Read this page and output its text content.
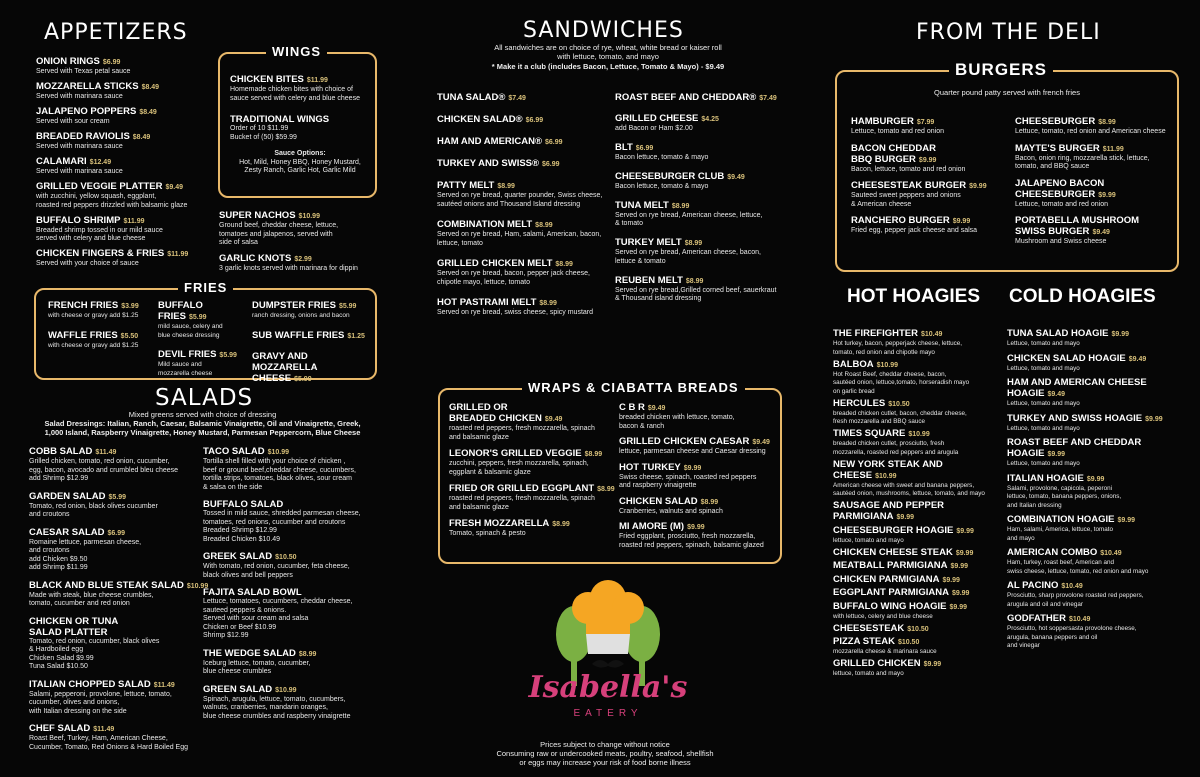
APPETIZERS
ONION RINGS $6.99
Served with Texas petal sauce
MOZZARELLA STICKS $8.49
Served with marinara sauce
JALAPENO POPPERS $8.49
Served with sour cream
BREADED RAVIOLIS $8.49
Served with marinara sauce
CALAMARI $12.49
Served with marinara sauce
GRILLED VEGGIE PLATTER $9.49
with zucchini, yellow squash, eggplant,
roasted red peppers drizzled with balsamic glaze
BUFFALO SHRIMP $11.99
Breaded shrimp tossed in our mild sauce
served with celery and blue cheese
CHICKEN FINGERS & FRIES $11.99
Served with your choice of sauce
SUPER NACHOS $10.99
Ground beef, cheddar cheese, lettuce,
tomatoes and jalapenos, served with
side of salsa
GARLIC KNOTS $2.99
3 garlic knots served with marinara for dippin
WINGS
CHICKEN BITES $11.99
Homemade chicken bites with choice of
sauce served with celery and blue cheese
TRADITIONAL WINGS
Order of 10 $11.99
Bucket of (50) $59.99
Sauce Options:
Hot, Mild, Honey BBQ, Honey Mustard,
Zesty Ranch, Garlic Hot, Garlic Mild
FRIES
FRENCH FRIES $3.99
with cheese or gravy add $1.25
WAFFLE FRIES $5.50
with cheese or gravy add $1.25
BUFFALO FRIES $5.99
mild sauce, celery and
blue cheese dressing
DEVIL FRIES $5.99
Mild sauce and
mozzarella cheese
DUMPSTER FRIES $5.99
ranch dressing, onions and bacon
SUB WAFFLE FRIES $1.25
GRAVY AND
MOZZARELLA CHEESE $5.99
SALADS
Mixed greens served with choice of dressing
Salad Dressings: Italian, Ranch, Caesar, Balsamic Vinaigrette, Oil and Vinaigrette, Greek,
1,000 Island, Raspberry Vinaigrette, Honey Mustard, Parmesan Peppercorn, Blue Cheese
COBB SALAD $11.49
Grilled chicken, tomato, red onion, cucumber,
egg, bacon, avocado and crumbled bleu cheese
add Shrimp $12.99
GARDEN SALAD $5.99
Tomato, red onion, black olives cucumber
and croutons
CAESAR SALAD $6.99
Romaine lettuce, parmesan cheese,
and croutons
add Chicken $9.50
add Shrimp $11.99
BLACK AND BLUE STEAK SALAD $10.99
Made with steak, blue cheese crumbles,
tomato, cucumber and red onion
CHICKEN OR TUNA
SALAD PLATTER
Tomato, red onion, cucumber, black olives
& Hardboiled egg
Chicken Salad $9.99
Tuna Salad $10.50
ITALIAN CHOPPED SALAD $11.49
Salami, pepperoni, provolone, lettuce, tomato,
cucumber, olives and onions,
with Italian dressing on the side
CHEF SALAD $11.49
Roast Beef, Turkey, Ham, American Cheese,
Cucumber, Tomato, Red Onions & Hard Boiled Egg
TACO SALAD $10.99
Tortilla shell filled with your choice of chicken ,
beef or ground beef,cheddar cheese, cucumbers,
tortilla strips, tomatoes, black olives, sour cream
& salsa on the side
BUFFALO SALAD
Tossed in mild sauce, shredded parmesan cheese,
tomatoes, red onions, cucumber and croutons
Breaded Shrimp $12.99
Breaded Chicken $10.49
GREEK SALAD $10.50
With tomato, red onion, cucumber, feta cheese,
black olives and bell peppers
FAJITA SALAD BOWL
Lettuce, tomatoes, cucumbers, cheddar cheese,
sauteed peppers & onions.
Served with sour cream and salsa
Chicken or Beef $10.99
Shrimp $12.99
THE WEDGE SALAD $8.99
Iceburg lettuce, tomato, cucumber,
blue cheese crumbles
GREEN SALAD $10.99
Spinach, arugula, lettuce, tomato, cucumbers,
walnuts, cranberries, mandarin oranges,
blue cheese crumbles and raspberry vinaigrette
SANDWICHES
All sandwiches are on choice of rye, wheat, white bread or kaiser roll
with lettuce, tomato, and mayo
* Make it a club (includes Bacon, Lettuce, Tomato & Mayo) - $9.49
TUNA SALAD® $7.49
CHICKEN SALAD® $6.99
HAM AND AMERICAN® $6.99
TURKEY AND SWISS® $6.99
PATTY MELT $8.99
Served on rye bread, quarter pounder, Swiss cheese,
sautéed onions and Thousand Island dressing
COMBINATION MELT $8.99
Served on rye bread, Ham, salami, American, bacon,
lettuce, tomato
GRILLED CHICKEN MELT $8.99
Served on rye bread, bacon, pepper jack cheese,
chipotle mayo, lettuce, tomato
HOT PASTRAMI MELT $8.99
Served on rye bread, swiss cheese, spicy mustard
ROAST BEEF AND CHEDDAR® $7.49
GRILLED CHEESE $4.25
add Bacon or Ham $2.00
BLT $6.99
Bacon lettuce, tomato & mayo
CHEESEBURGER CLUB $9.49
Bacon lettuce, tomato & mayo
TUNA MELT $8.99
Served on rye bread, American cheese, lettuce,
& tomato
TURKEY MELT $8.99
Served on rye bread, American cheese, bacon,
lettuce & tomato
REUBEN MELT $8.99
Served on rye bread,Grilled corned beef, sauerkraut
& Thousand island dressing
WRAPS & CIABATTA BREADS
GRILLED OR
BREADED CHICKEN $9.49
roasted red peppers, fresh mozzarella, spinach
and balsamic glaze
LEONOR'S GRILLED VEGGIE $8.99
zucchini, peppers, fresh mozzarella, spinach,
eggplant & balsamic glaze
FRIED OR GRILLED EGGPLANT $8.99
roasted red peppers, fresh mozzarella, spinach
and balsamic glaze
FRESH MOZZARELLA $8.99
Tomato, spinach & pesto
C B R $9.49
breaded chicken with lettuce, tomato,
bacon & ranch
GRILLED CHICKEN CAESAR $9.49
lettuce, parmesan cheese and Caesar dressing
HOT TURKEY $9.99
Swiss cheese, spinach, roasted red peppers
and raspberry vinaigrette
CHICKEN SALAD $8.99
Cranberries, walnuts and spinach
MI AMORE (M) $9.99
Fried eggplant, prosciutto, fresh mozzarella,
roasted red peppers, spinach, balsamic glazed
Isabella's
EATERY
Prices subject to change without notice
Consuming raw or undercooked meats, poultry, seafood, shellfish
or eggs may increase your risk of food borne illness
FROM THE DELI
BURGERS
Quarter pound patty served with french fries
HAMBURGER $7.99
Lettuce, tomato and red onion
BACON CHEDDAR
BBQ BURGER $9.99
Bacon, lettuce, tomato and red onion
CHEESESTEAK BURGER $9.99
Sauteed sweet peppers and onions
& American cheese
RANCHERO BURGER $9.99
Fried egg, pepper jack cheese and salsa
CHEESEBURGER $8.99
Lettuce, tomato, red onion and American cheese
MAYTE'S BURGER $11.99
Bacon, onion ring, mozzarella stick, lettuce,
tomato, and BBQ sauce
JALAPENO BACON
CHEESEBURGER $9.99
Lettuce, tomato and red onion
PORTABELLA MUSHROOM
SWISS BURGER $9.49
Mushroom and Swiss cheese
HOT HOAGIES COLD HOAGIES
THE FIREFIGHTER $10.49
Hot turkey, bacon, pepperjack cheese, lettuce,
tomato, red onion and chipotle mayo
BALBOA $10.99
Hot Roast Beef, cheddar cheese, bacon,
sautéed onion, lettuce,tomato, horseradish mayo
on garlic bread
HERCULES $10.50
breaded chicken cutlet, bacon, cheddar cheese,
fresh mozzarella and BBQ sauce
TIMES SQUARE $10.99
breaded chicken cutlet, prosciutto, fresh
mozzarella, roasted red peppers and arugula
NEW YORK STEAK AND CHEESE $10.99
American cheese with sweet and banana peppers,
sautéed onion, mushrooms, lettuce, tomato, and mayo
SAUSAGE AND PEPPER
PARMIGIANA $9.99
CHEESEBURGER HOAGIE $9.99
lettuce, tomato and mayo
CHICKEN CHEESE STEAK $9.99
MEATBALL PARMIGIANA $9.99
CHICKEN PARMIGIANA $9.99
EGGPLANT PARMIGIANA $9.99
BUFFALO WING HOAGIE $9.99
with lettuce, celery and blue cheese
CHEESESTEAK $10.50
PIZZA STEAK $10.50
mozzarella cheese & marinara sauce
GRILLED CHICKEN $9.99
lettuce, tomato and mayo
TUNA SALAD HOAGIE $9.99
Lettuce, tomato and mayo
CHICKEN SALAD HOAGIE $9.49
Lettuce, tomato and mayo
HAM AND AMERICAN CHEESE
HOAGIE $9.49
Lettuce, tomato and mayo
TURKEY AND SWISS HOAGIE $9.99
Lettuce, tomato and mayo
ROAST BEEF AND CHEDDAR
HOAGIE $9.99
Lettuce, tomato and mayo
ITALIAN HOAGIE $9.99
Salami, provolone, capicola, peperoni
lettuce, tomato, banana peppers, onions,
and Italian dressing
COMBINATION HOAGIE $9.99
Ham, salami, America, lettuce, tomato
and mayo
AMERICAN COMBO $10.49
Ham, turkey, roast beef, American and
swiss cheese, lettuce, tomato, red onion and mayo
AL PACINO $10.49
Prosciutto, sharp provolone roasted red peppers,
arugula and oil and vinegar
GODFATHER $10.49
Prosciutto, hot soppersasta provolone cheese,
arugula, banana peppers and oil
and vinegar
